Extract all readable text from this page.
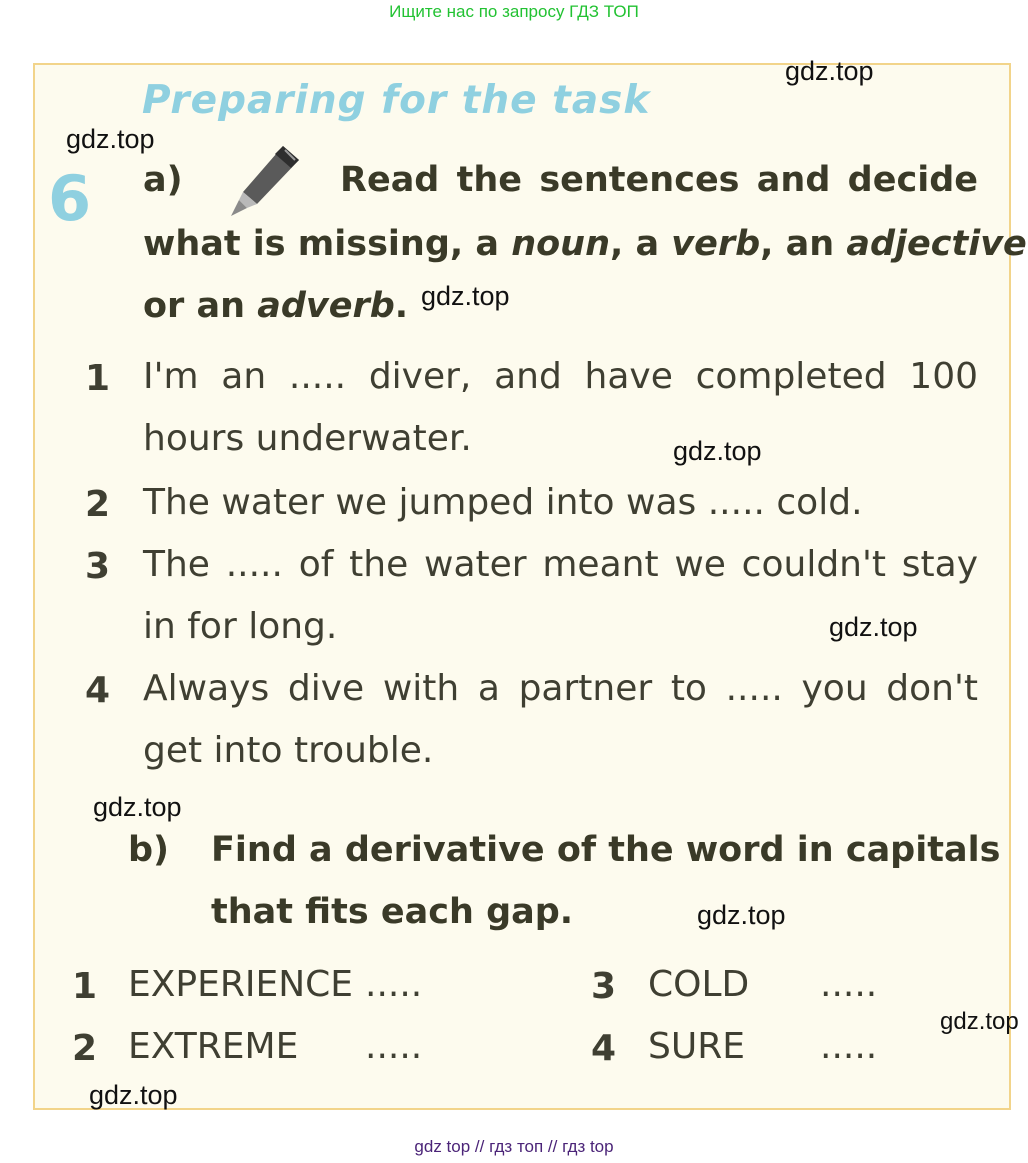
Ищите нас по запросу ГДЗ ТОП
Preparing for the task
6 a)	Read the sentences and decide
what is missing, a noun, a verb, an adjective
or an adverb.
1 I'm an ..... diver, and have completed 100
hours underwater.
2 The water we jumped into was ..... cold.
3 The ..... of the water meant we couldn't stay
in for long.
4 Always dive with a partner to ..... you don't
get into trouble.
b) Find a derivative of the word in capitals
that fits each gap.
1 EXPERIENCE .....
2 EXTREME .....
3 COLD .....
4 SURE .....
gdz.top
gdz.top
gdz.top
gdz.top
gdz.top
gdz.top
gdz.top
gdz.top
gdz.top
gdz top // гдз топ // гдз top
